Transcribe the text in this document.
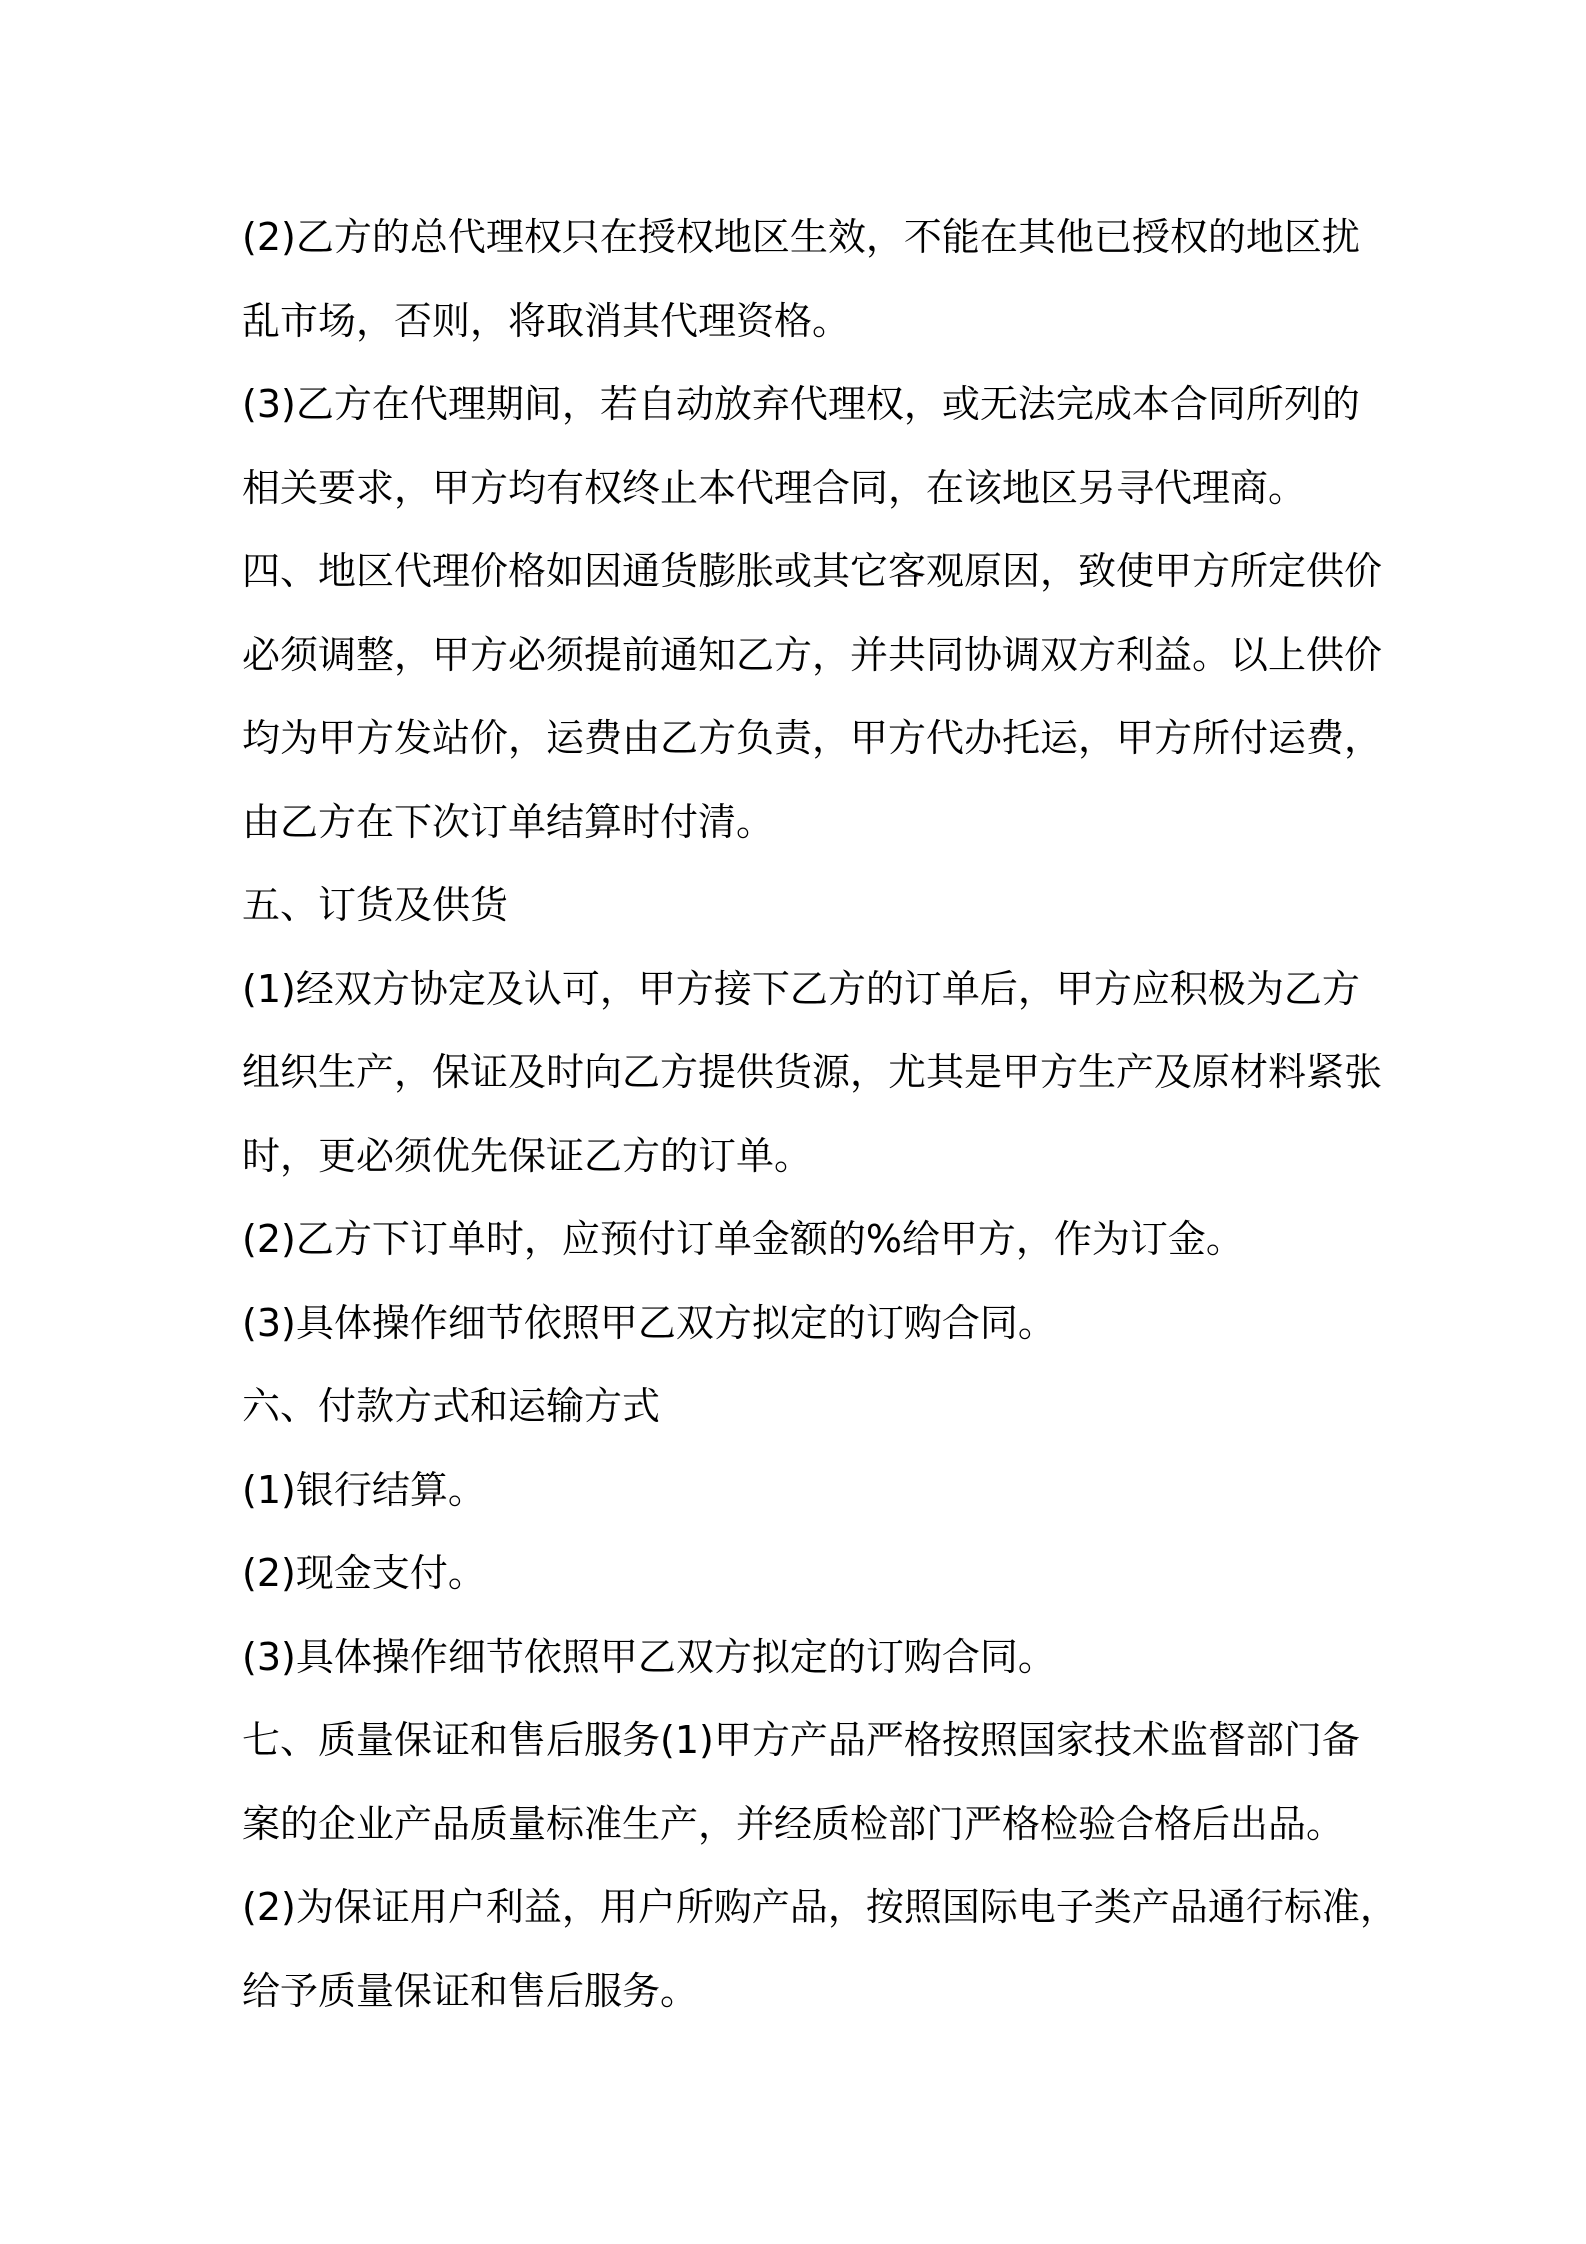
(2)乙方的总代理权只在授权地区生效，不能在其他已授权的地区扰
乱市场，否则，将取消其代理资格。

(3)乙方在代理期间，若自动放弃代理权，或无法完成本合同所列的
相关要求，甲方均有权终止本代理合同，在该地区另寻代理商。

四、地区代理价格如因通货膨胀或其它客观原因，致使甲方所定供价
必须调整，甲方必须提前通知乙方，并共同协调双方利益。以上供价
均为甲方发站价，运费由乙方负责，甲方代办托运，甲方所付运费，
由乙方在下次订单结算时付清。

五、订货及供货

(1)经双方协定及认可，甲方接下乙方的订单后，甲方应积极为乙方
组织生产，保证及时向乙方提供货源，尤其是甲方生产及原材料紧张
时，更必须优先保证乙方的订单。

(2)乙方下订单时，应预付订单金额的%给甲方，作为订金。

(3)具体操作细节依照甲乙双方拟定的订购合同。

六、付款方式和运输方式

(1)银行结算。

(2)现金支付。

(3)具体操作细节依照甲乙双方拟定的订购合同。

七、质量保证和售后服务(1)甲方产品严格按照国家技术监督部门备
案的企业产品质量标准生产，并经质检部门严格检验合格后出品。

(2)为保证用户利益，用户所购产品，按照国际电子类产品通行标准，
给予质量保证和售后服务。
